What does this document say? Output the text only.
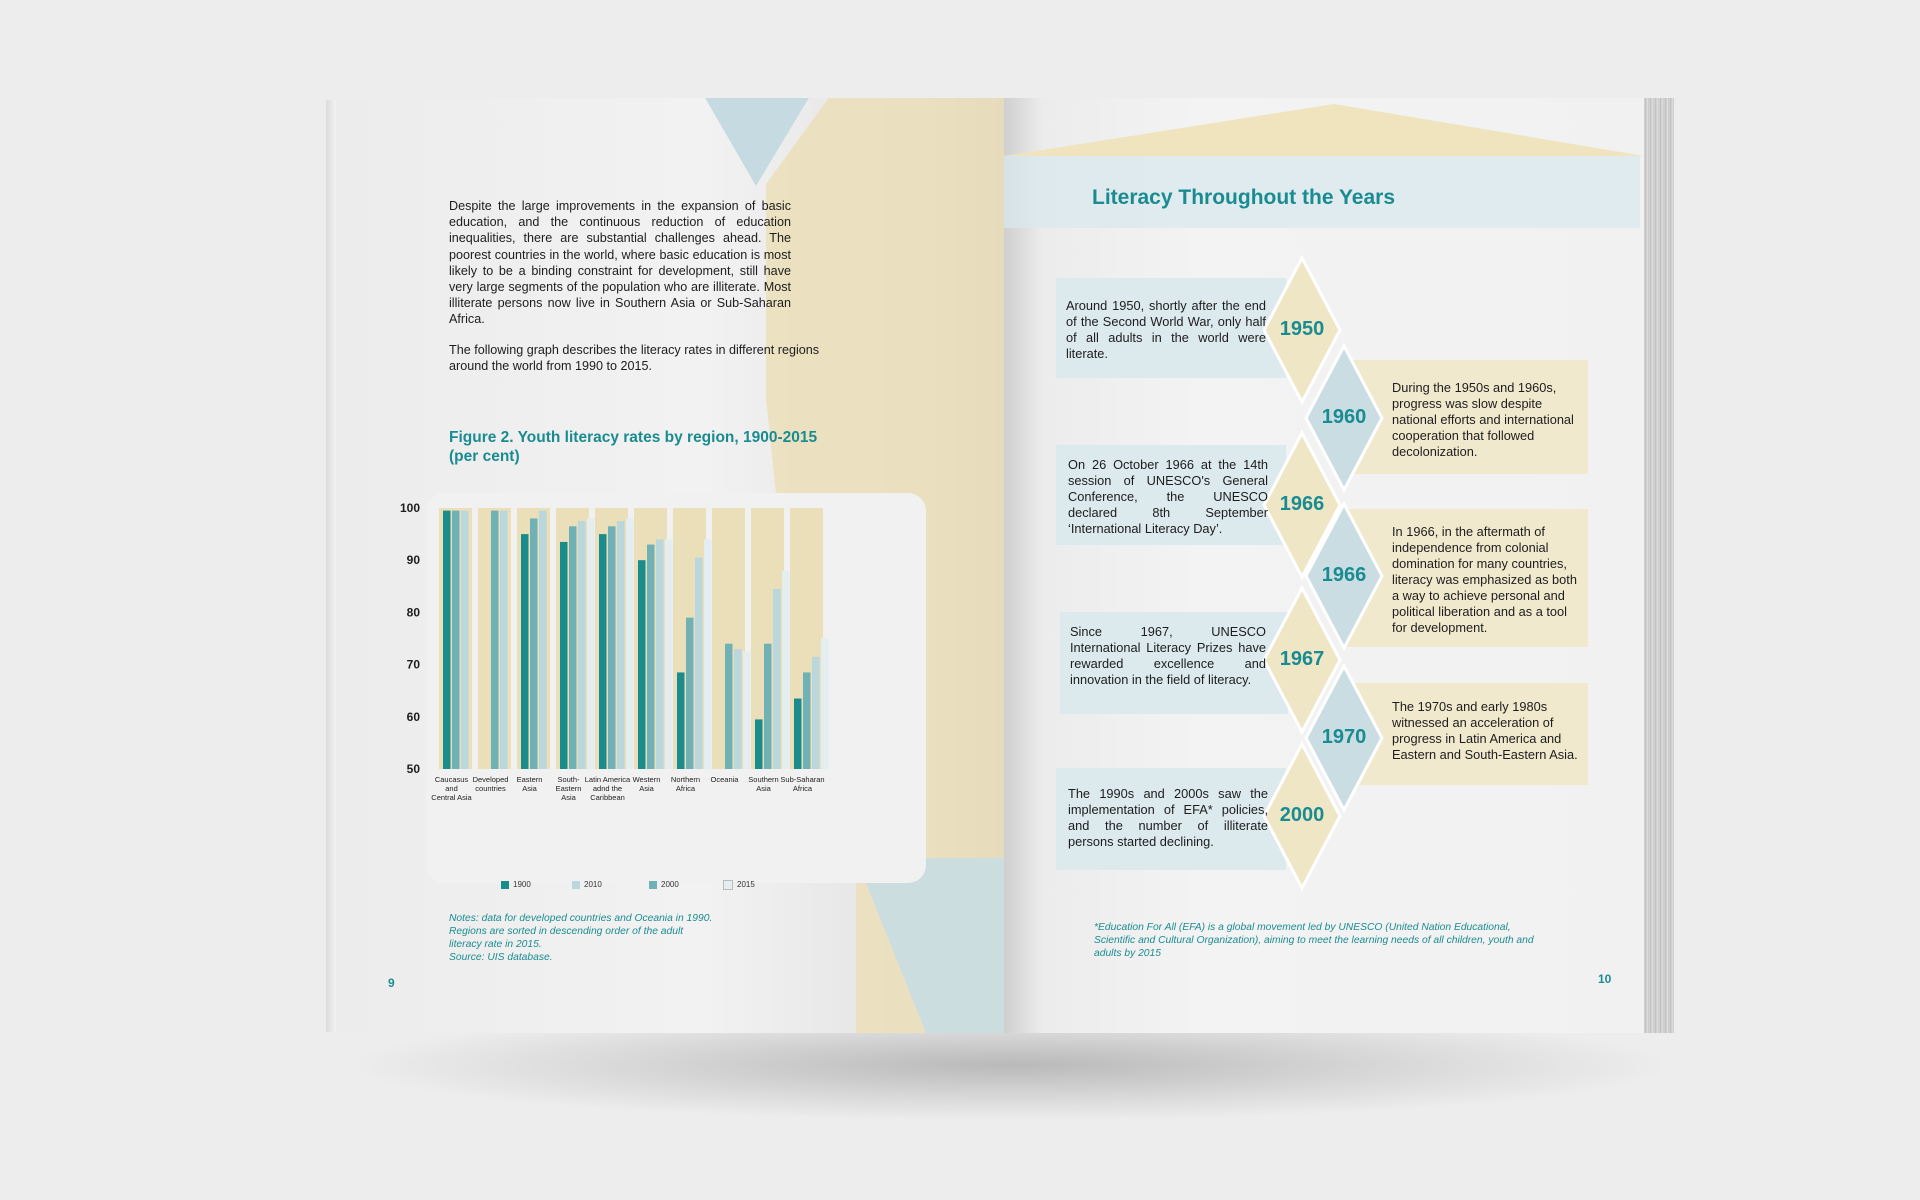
Despite the large improvements in the expansion of basic education, and the continuous reduction of education inequalities, there are substantial challenges ahead. The poorest countries in the world, where basic education is most likely to be a binding constraint for development, still have very large segments of the population who are illiterate. Most illiterate persons now live in Southern Asia or Sub-Saharan Africa.
The following graph describes the literacy rates in different regions around the world from 1990 to 2015.
Figure 2. Youth literacy rates by region, 1900-2015 (per cent)
100
90
80
70
60
50
Caucasus and Central Asia
Developed countries
Eastern Asia
South-Eastern Asia
Latin America adnd the Caribbean
Western Asia
Northern Africa
Oceania Southern Asia
Sub-Saharan Africa
1900	2010	2000	2015
Notes: data for developed countries and Oceania in 1990. Regions are sorted in descending order of the adult literacy rate in 2015.
Source: UIS database.
9
Literacy Throughout the Years
1950
Around 1950, shortly after the end of the Second World War, only half of all adults in the world were literate.
1960
During the 1950s and 1960s, progress was slow despite national efforts and international cooperation that followed decolonization.
1966
On 26 October 1966 at the 14th session of UNESCO's General Conference, the UNESCO declared 8th September ‘International Literacy Day’.
1966
In 1966, in the aftermath of independence from colonial domination for many countries, literacy was emphasized as both a way to achieve personal and political liberation and as a tool for development.
1967
Since 1967, UNESCO International Literacy Prizes have rewarded excellence and innovation in the field of literacy.
1970
The 1970s and early 1980s witnessed an acceleration of progress in Latin America and Eastern and South-Eastern Asia.
2000
The 1990s and 2000s saw the implementation of EFA* policies, and the number of illiterate persons started declining.
*Education For All (EFA) is a global movement led by UNESCO (United Nation Educational, Scientific and Cultural Organization), aiming to meet the learning needs of all children, youth and adults by 2015
10
